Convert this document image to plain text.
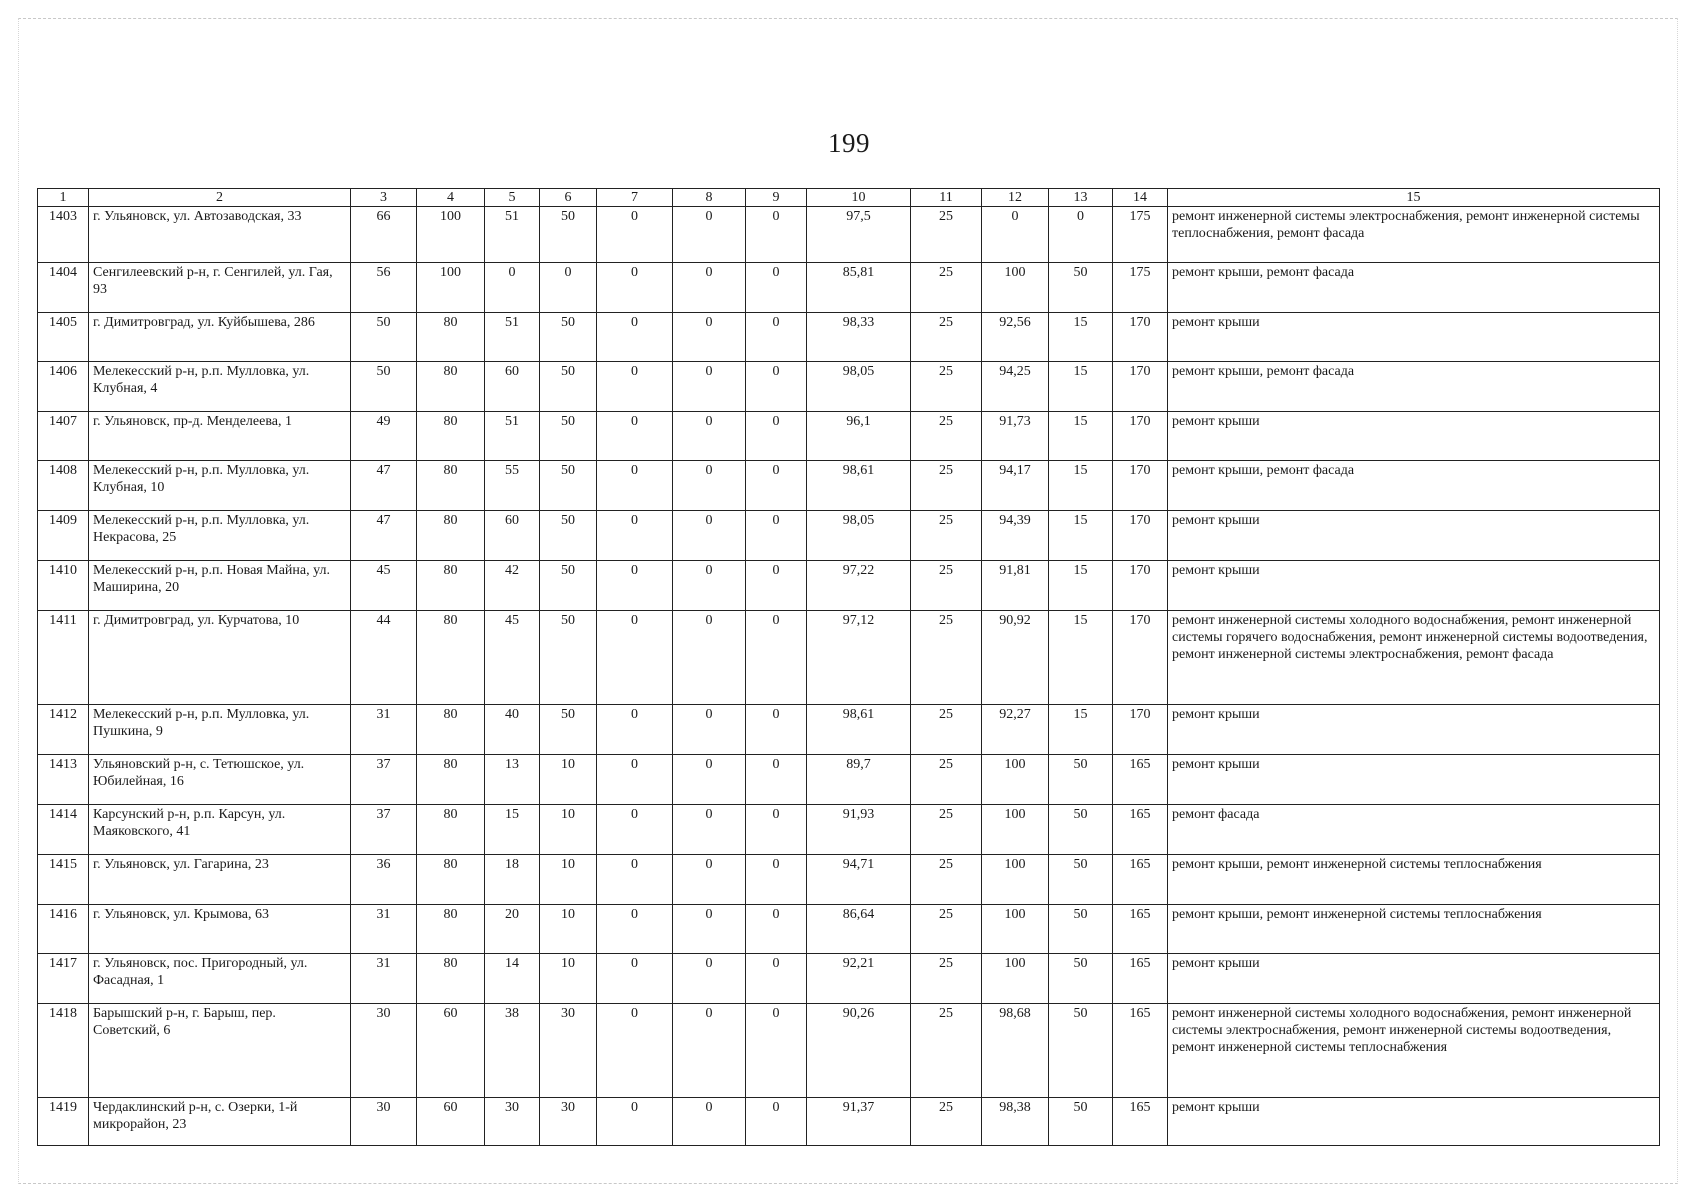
199
1	2	3	4	5	6	7	8	9	10	11	12	13	14	15
1403	г. Ульяновск, ул. Автозаводская, 33	66	100	51	50	0	0	0	97,5	25	0	0	175	ремонт инженерной системы электроснабжения, ремонт инженерной системы теплоснабжения, ремонт фасада
1404	Сенгилеевский р-н, г. Сенгилей, ул. Гая, 93	56	100	0	0	0	0	0	85,81	25	100	50	175	ремонт крыши, ремонт фасада
1405	г. Димитровград, ул. Куйбышева, 286	50	80	51	50	0	0	0	98,33	25	92,56	15	170	ремонт крыши
1406	Мелекесский р-н, р.п. Мулловка, ул. Клубная, 4	50	80	60	50	0	0	0	98,05	25	94,25	15	170	ремонт крыши, ремонт фасада
1407	г. Ульяновск, пр-д. Менделеева, 1	49	80	51	50	0	0	0	96,1	25	91,73	15	170	ремонт крыши
1408	Мелекесский р-н, р.п. Мулловка, ул. Клубная, 10	47	80	55	50	0	0	0	98,61	25	94,17	15	170	ремонт крыши, ремонт фасада
1409	Мелекесский р-н, р.п. Мулловка, ул. Некрасова, 25	47	80	60	50	0	0	0	98,05	25	94,39	15	170	ремонт крыши
1410	Мелекесский р-н, р.п. Новая Майна, ул. Маширина, 20	45	80	42	50	0	0	0	97,22	25	91,81	15	170	ремонт крыши
1411	г. Димитровград, ул. Курчатова, 10	44	80	45	50	0	0	0	97,12	25	90,92	15	170	ремонт инженерной системы холодного водоснабжения, ремонт инженерной системы горячего водоснабжения, ремонт инженерной системы водоотведения, ремонт инженерной системы электроснабжения, ремонт фасада
1412	Мелекесский р-н, р.п. Мулловка, ул. Пушкина, 9	31	80	40	50	0	0	0	98,61	25	92,27	15	170	ремонт крыши
1413	Ульяновский р-н, с. Тетюшское, ул. Юбилейная, 16	37	80	13	10	0	0	0	89,7	25	100	50	165	ремонт крыши
1414	Карсунский р-н, р.п. Карсун, ул. Маяковского, 41	37	80	15	10	0	0	0	91,93	25	100	50	165	ремонт фасада
1415	г. Ульяновск, ул. Гагарина, 23	36	80	18	10	0	0	0	94,71	25	100	50	165	ремонт крыши, ремонт инженерной системы теплоснабжения
1416	г. Ульяновск, ул. Крымова, 63	31	80	20	10	0	0	0	86,64	25	100	50	165	ремонт крыши, ремонт инженерной системы теплоснабжения
1417	г. Ульяновск, пос. Пригородный, ул. Фасадная, 1	31	80	14	10	0	0	0	92,21	25	100	50	165	ремонт крыши
1418	Барышский р-н, г. Барыш, пер. Советский, 6	30	60	38	30	0	0	0	90,26	25	98,68	50	165	ремонт инженерной системы холодного водоснабжения, ремонт инженерной системы электроснабжения, ремонт инженерной системы водоотведения, ремонт инженерной системы теплоснабжения
1419	Чердаклинский р-н, с. Озерки, 1-й микрорайон, 23	30	60	30	30	0	0	0	91,37	25	98,38	50	165	ремонт крыши
